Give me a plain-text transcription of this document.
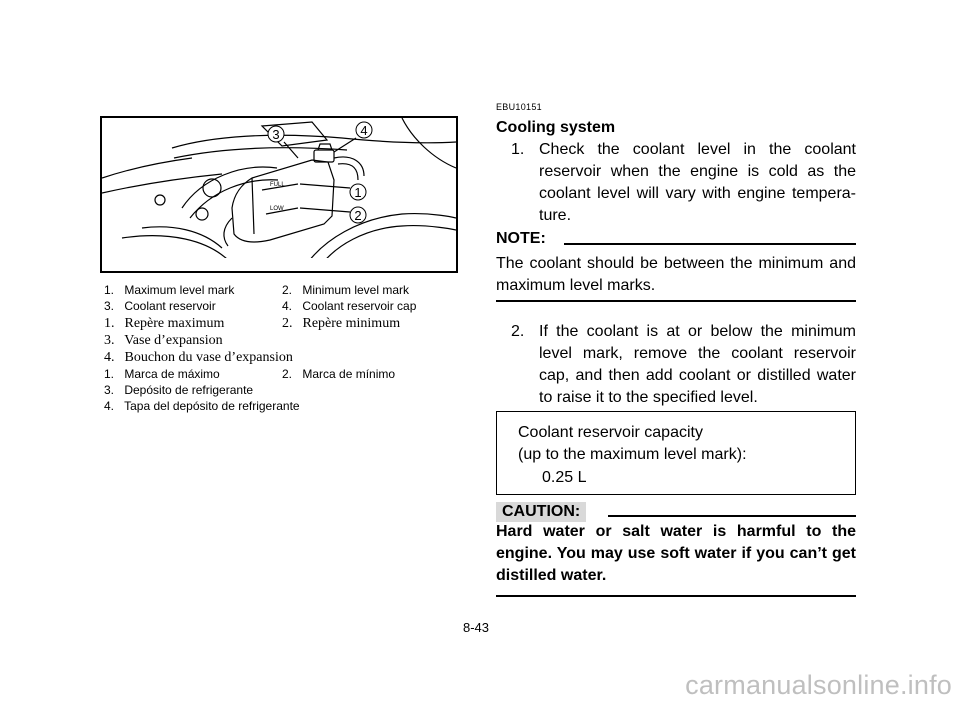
FULL
LOW
3	4
1
2
1. Maximum level mark	2. Minimum level mark
3. Coolant reservoir	4. Coolant reservoir cap
1. Repère maximum	2. Repère minimum
3. Vase d’expansion
4. Bouchon du vase d’expansion
1. Marca de máximo	2. Marca de mínimo
3. Depósito de refrigerante
4. Tapa del depósito de refrigerante
EBU10151
Cooling system
1. Check the coolant level in the coolant reservoir when the engine is cold as the coolant level will vary with engine tempera-ture.
NOTE:
The coolant should be between the minimum and maximum level marks.
2. If the coolant is at or below the minimum level mark, remove the coolant reservoir cap, and then add coolant or distilled water to raise it to the specified level.
Coolant reservoir capacity
(up to the maximum level mark):
0.25 L
CAUTION:
Hard water or salt water is harmful to the engine. You may use soft water if you can’t get distilled water.
8-43
carmanualsonline.info
